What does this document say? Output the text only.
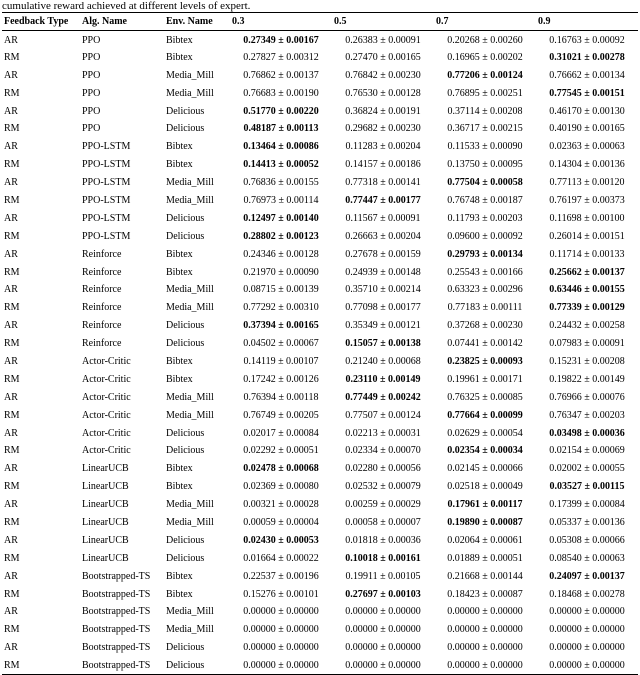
cumulative reward achieved at different levels of expert.
Feedback Type	Alg. Name	Env. Name	0.3	0.5	0.7	0.9
AR	PPO	Bibtex	0.27349 ± 0.00167	0.26383 ± 0.00091	0.20268 ± 0.00260	0.16763 ± 0.00092
RM	PPO	Bibtex	0.27827 ± 0.00312	0.27470 ± 0.00165	0.16965 ± 0.00202	0.31021 ± 0.00278
AR	PPO	Media_Mill	0.76862 ± 0.00137	0.76842 ± 0.00230	0.77206 ± 0.00124	0.76662 ± 0.00134
RM	PPO	Media_Mill	0.76683 ± 0.00190	0.76530 ± 0.00128	0.76895 ± 0.00251	0.77545 ± 0.00151
AR	PPO	Delicious	0.51770 ± 0.00220	0.36824 ± 0.00191	0.37114 ± 0.00208	0.46170 ± 0.00130
RM	PPO	Delicious	0.48187 ± 0.00113	0.29682 ± 0.00230	0.36717 ± 0.00215	0.40190 ± 0.00165
AR	PPO-LSTM	Bibtex	0.13464 ± 0.00086	0.11283 ± 0.00204	0.11533 ± 0.00090	0.02363 ± 0.00063
RM	PPO-LSTM	Bibtex	0.14413 ± 0.00052	0.14157 ± 0.00186	0.13750 ± 0.00095	0.14304 ± 0.00136
AR	PPO-LSTM	Media_Mill	0.76836 ± 0.00155	0.77318 ± 0.00141	0.77504 ± 0.00058	0.77113 ± 0.00120
RM	PPO-LSTM	Media_Mill	0.76973 ± 0.00114	0.77447 ± 0.00177	0.76748 ± 0.00187	0.76197 ± 0.00373
AR	PPO-LSTM	Delicious	0.12497 ± 0.00140	0.11567 ± 0.00091	0.11793 ± 0.00203	0.11698 ± 0.00100
RM	PPO-LSTM	Delicious	0.28802 ± 0.00123	0.26663 ± 0.00204	0.09600 ± 0.00092	0.26014 ± 0.00151
AR	Reinforce	Bibtex	0.24346 ± 0.00128	0.27678 ± 0.00159	0.29793 ± 0.00134	0.11714 ± 0.00133
RM	Reinforce	Bibtex	0.21970 ± 0.00090	0.24939 ± 0.00148	0.25543 ± 0.00166	0.25662 ± 0.00137
AR	Reinforce	Media_Mill	0.08715 ± 0.00139	0.35710 ± 0.00214	0.63323 ± 0.00296	0.63446 ± 0.00155
RM	Reinforce	Media_Mill	0.77292 ± 0.00310	0.77098 ± 0.00177	0.77183 ± 0.00111	0.77339 ± 0.00129
AR	Reinforce	Delicious	0.37394 ± 0.00165	0.35349 ± 0.00121	0.37268 ± 0.00230	0.24432 ± 0.00258
RM	Reinforce	Delicious	0.04502 ± 0.00067	0.15057 ± 0.00138	0.07441 ± 0.00142	0.07983 ± 0.00091
AR	Actor-Critic	Bibtex	0.14119 ± 0.00107	0.21240 ± 0.00068	0.23825 ± 0.00093	0.15231 ± 0.00208
RM	Actor-Critic	Bibtex	0.17242 ± 0.00126	0.23110 ± 0.00149	0.19961 ± 0.00171	0.19822 ± 0.00149
AR	Actor-Critic	Media_Mill	0.76394 ± 0.00118	0.77449 ± 0.00242	0.76325 ± 0.00085	0.76966 ± 0.00076
RM	Actor-Critic	Media_Mill	0.76749 ± 0.00205	0.77507 ± 0.00124	0.77664 ± 0.00099	0.76347 ± 0.00203
AR	Actor-Critic	Delicious	0.02017 ± 0.00084	0.02213 ± 0.00031	0.02629 ± 0.00054	0.03498 ± 0.00036
RM	Actor-Critic	Delicious	0.02292 ± 0.00051	0.02334 ± 0.00070	0.02354 ± 0.00034	0.02154 ± 0.00069
AR	LinearUCB	Bibtex	0.02478 ± 0.00068	0.02280 ± 0.00056	0.02145 ± 0.00066	0.02002 ± 0.00055
RM	LinearUCB	Bibtex	0.02369 ± 0.00080	0.02532 ± 0.00079	0.02518 ± 0.00049	0.03527 ± 0.00115
AR	LinearUCB	Media_Mill	0.00321 ± 0.00028	0.00259 ± 0.00029	0.17961 ± 0.00117	0.17399 ± 0.00084
RM	LinearUCB	Media_Mill	0.00059 ± 0.00004	0.00058 ± 0.00007	0.19890 ± 0.00087	0.05337 ± 0.00136
AR	LinearUCB	Delicious	0.02430 ± 0.00053	0.01818 ± 0.00036	0.02064 ± 0.00061	0.05308 ± 0.00066
RM	LinearUCB	Delicious	0.01664 ± 0.00022	0.10018 ± 0.00161	0.01889 ± 0.00051	0.08540 ± 0.00063
AR	Bootstrapped-TS	Bibtex	0.22537 ± 0.00196	0.19911 ± 0.00105	0.21668 ± 0.00144	0.24097 ± 0.00137
RM	Bootstrapped-TS	Bibtex	0.15276 ± 0.00101	0.27697 ± 0.00103	0.18423 ± 0.00087	0.18468 ± 0.00278
AR	Bootstrapped-TS	Media_Mill	0.00000 ± 0.00000	0.00000 ± 0.00000	0.00000 ± 0.00000	0.00000 ± 0.00000
RM	Bootstrapped-TS	Media_Mill	0.00000 ± 0.00000	0.00000 ± 0.00000	0.00000 ± 0.00000	0.00000 ± 0.00000
AR	Bootstrapped-TS	Delicious	0.00000 ± 0.00000	0.00000 ± 0.00000	0.00000 ± 0.00000	0.00000 ± 0.00000
RM	Bootstrapped-TS	Delicious	0.00000 ± 0.00000	0.00000 ± 0.00000	0.00000 ± 0.00000	0.00000 ± 0.00000
